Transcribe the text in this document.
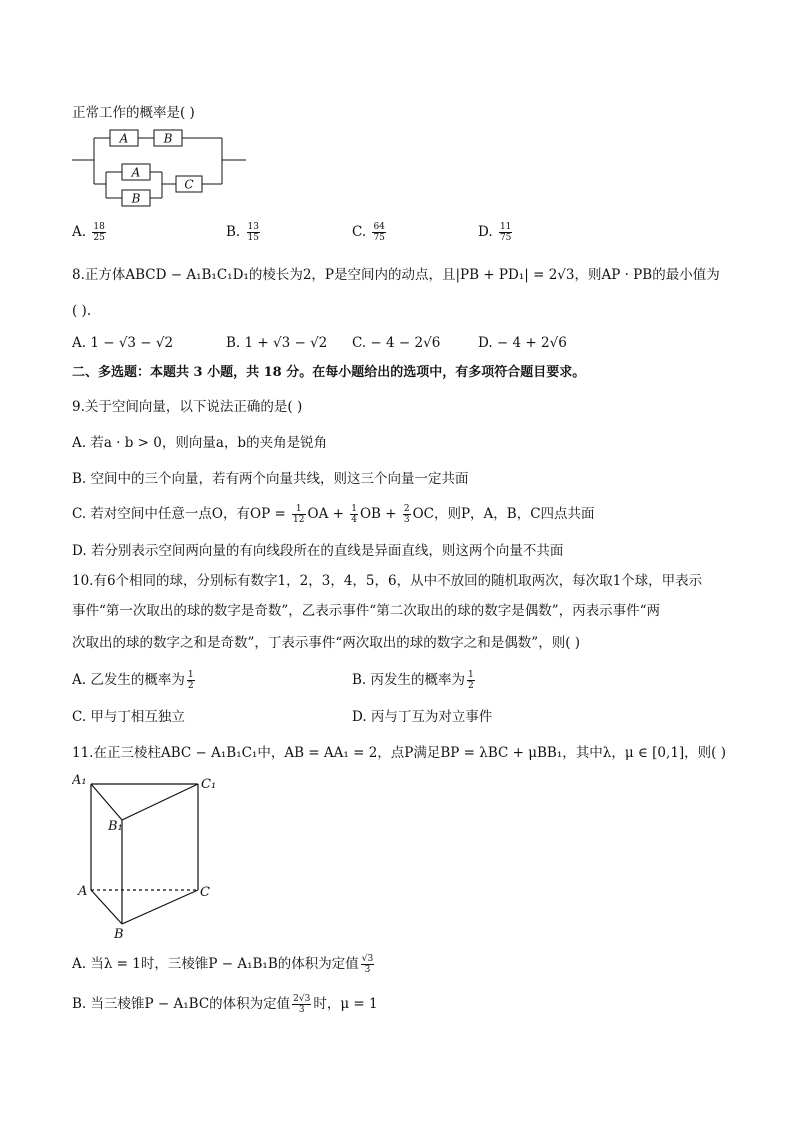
正常工作的概率是( )
A	B
A
B
C
A. $\frac{18}{25}$	B. $\frac{13}{15}$	C. $\frac{64}{75}$	D. $\frac{11}{75}$
8.正方体ABCD − A₁B₁C₁D₁的棱长为2，P是空间内的动点，且|PB + PD₁| = 2√3，则AP · PB的最小值为
( ).
A. 1 − √3 − √2	B. 1 + √3 − √2 C. − 4 − 2√6	D. − 4 + 2√6
二、多选题：本题共 3 小题，共 18 分。在每小题给出的选项中，有多项符合题目要求。
9.关于空间向量，以下说法正确的是( )
A. 若a · b > 0，则向量a，b的夹角是锐角
B. 空间中的三个向量，若有两个向量共线，则这三个向量一定共面
C. 若对空间中任意一点O，有OP = $\frac{1}{12}$ OA + $\frac{1}{4}$ OB + $\frac{2}{3}$ OC，则P，A，B，C四点共面
D. 若分别表示空间两向量的有向线段所在的直线是异面直线，则这两个向量不共面
10.有6个相同的球，分别标有数字1，2，3，4，5，6，从中不放回的随机取两次，每次取1个球，甲表示
事件“第一次取出的球的数字是奇数”，乙表示事件“第二次取出的球的数字是偶数”，丙表示事件“两
次取出的球的数字之和是奇数”，丁表示事件“两次取出的球的数字之和是偶数”，则( )
A. 乙发生的概率为 $\frac{1}{2}$	B. 丙发生的概率为 $\frac{1}{2}$
C. 甲与丁相互独立	D. 丙与丁互为对立事件
11.在正三棱柱ABC − A₁B₁C₁中，AB = AA₁ = 2，点P满足BP = λBC + μBB₁，其中λ，μ ∈ [0,1]，则( )
A₁	C₁
B₁
A	C
B
A. 当λ = 1时，三棱锥P − A₁B₁B的体积为定值 $\frac{√3}{3}$
B. 当三棱锥P − A₁BC的体积为定值 $\frac{2√3}{3}$ 时，μ = 1
